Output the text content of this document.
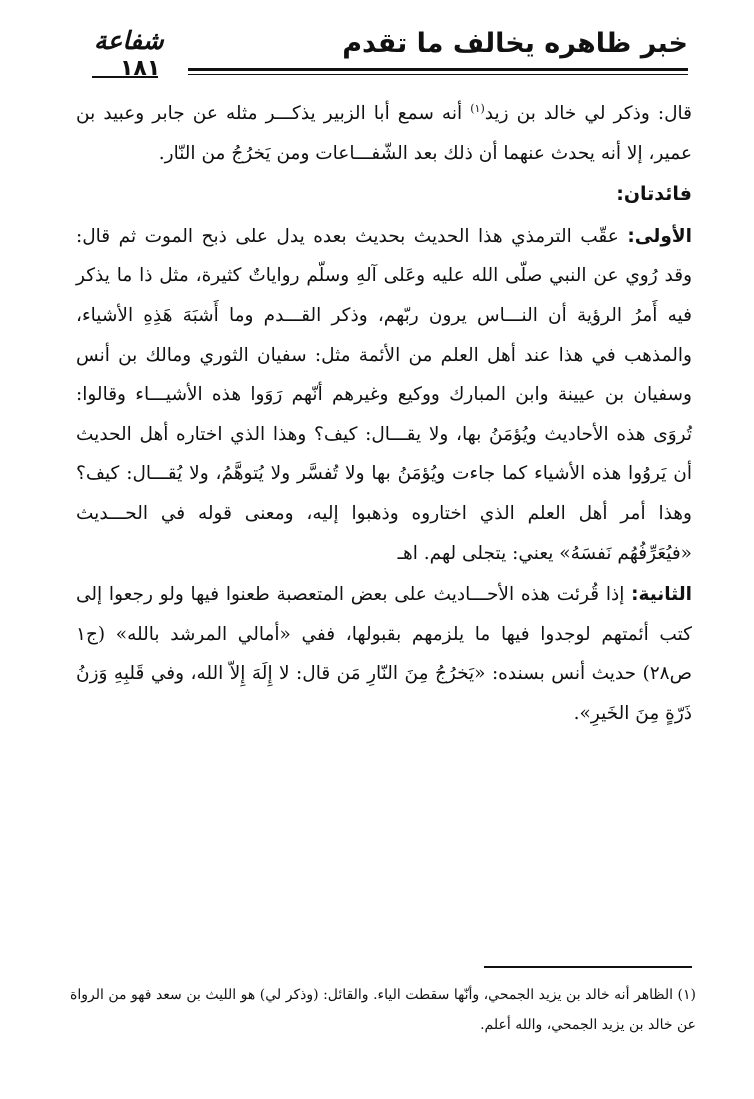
خبر ظاهره يخالف ما تقدم
شفاعة
١٨١

قال: وذكر لي خالد بن زيد$^{(١)}$ أنه سمع أبا الزبير يذكـــر مثله عن جابر وعبيد بن عمير، إلا أنه يحدث عنهما أن ذلك بعد الشّفـــاعات ومن يَخرُجُ من النّار.

فائدتان:

الأولى: عقّب الترمذي هذا الحديث بحديث بعده يدل على ذبح الموت ثم قال: وقد رُوي عن النبي صلّى الله عليه وعَلى آلهِ وسلّم رواياتٌ كثيرة، مثل ذا ما يذكر فيه أَمرُ الرؤية أن النـــاس يرون ربّهم، وذكر القـــدم وما أَشبَهَ هَذِهِ الأشياء، والمذهب في هذا عند أهل العلم من الأئمة مثل: سفيان الثوري ومالك بن أنس وسفيان بن عيينة وابن المبارك ووكيع وغيرهم أنّهم رَوَوا هذه الأشيـــاء وقالوا: تُروَى هذه الأحاديث ويُؤمَنُ بها، ولا يقـــال: كيف؟ وهذا الذي اختاره أهل الحديث أن يَروُوا هذه الأشياء كما جاءت ويُؤمَنُ بها ولا تُفسَّر ولا يُتوهَّمُ، ولا يُقـــال: كيف؟ وهذا أمر أهل العلم الذي اختاروه وذهبوا إليه، ومعنى قوله في الحـــديث «فيُعَرِّفُهُم نَفسَهُ» يعني: يتجلى لهم. اهـ

الثانية: إذا قُرئت هذه الأحـــاديث على بعض المتعصبة طعنوا فيها ولو رجعوا إلى كتب أئمتهم لوجدوا فيها ما يلزمهم بقبولها، ففي «أمالي المرشد بالله» (ج١ ص٢٨) حديث أنس بسنده: «يَخرُجُ مِنَ النّارِ مَن قال: لا إِلَهَ إِلاّ الله، وفي قَلبِهِ وَزنُ ذَرّةٍ مِنَ الخَيرِ».

(١) الظاهر أنه خالد بن يزيد الجمحي، وأنّها سقطت الياء. والقائل: (وذكر لي) هو الليث بن سعد فهو من الرواة عن خالد بن يزيد الجمحي، والله أعلم.
